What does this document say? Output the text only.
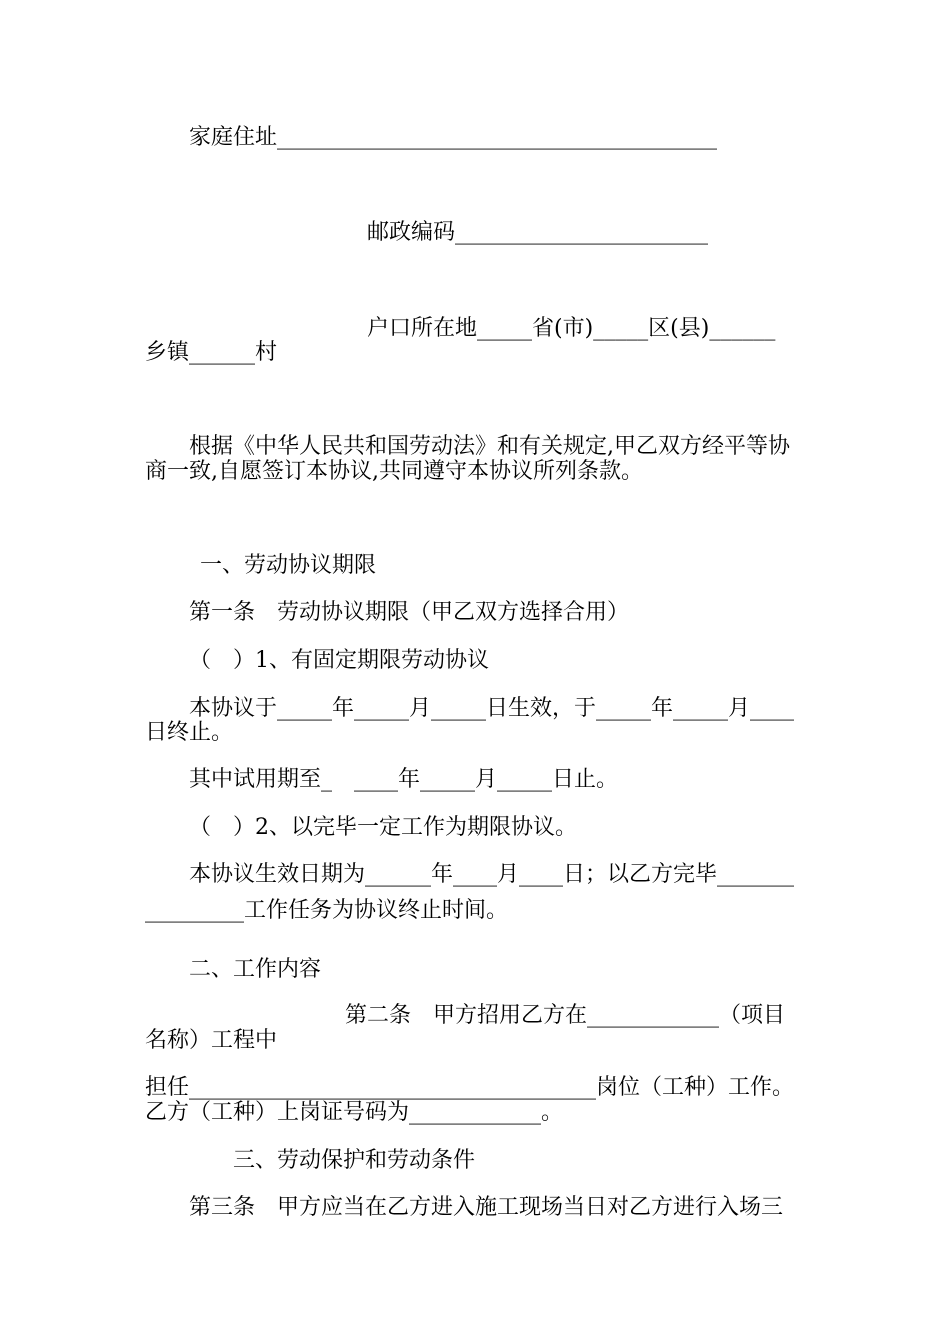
家庭住址________________________________________
邮政编码_______________________
户口所在地_____省(市)_____区(县)______
乡镇______村
根据《中华人民共和国劳动法》和有关规定,甲乙双方经平等协
商一致,自愿签订本协议,共同遵守本协议所列条款。
一、劳动协议期限
第一条　劳动协议期限（甲乙双方选择合用）
（　）1、有固定期限劳动协议
本协议于_____年_____月_____日生效，于_____年_____月____
日终止。
其中试用期至_　____年_____月_____日止。
（　）2、以完毕一定工作为期限协议。
本协议生效日期为______年____月____日；以乙方完毕_______
_________工作任务为协议终止时间。
二、工作内容
第二条　甲方招用乙方在____________（项目
名称）工程中
担任_____________________________________岗位（工种）工作。
乙方（工种）上岗证号码为____________。
三、劳动保护和劳动条件
第三条　甲方应当在乙方进入施工现场当日对乙方进行入场三
